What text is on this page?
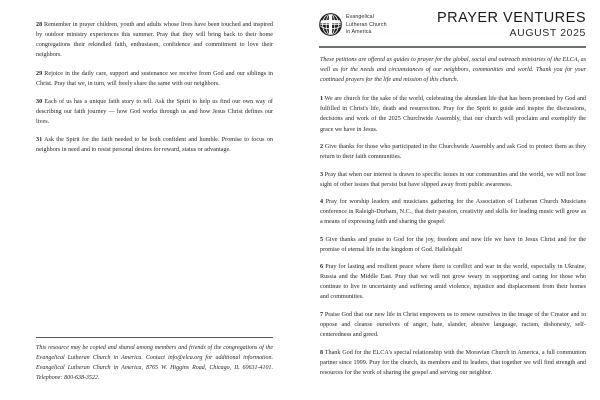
28 Remember in prayer children, youth and adults whose lives have been touched and inspired by outdoor ministry experiences this summer. Pray that they will bring back to their home congregations their rekindled faith, enthusiasm, confidence and commitment to love their neighbors.

29 Rejoice in the daily care, support and sustenance we receive from God and our siblings in Christ. Pray that we, in turn, will freely share the same with our neighbors.

30 Each of us has a unique faith story to tell. Ask the Spirit to help us find our own way of describing our faith journey — how God works through us and how Jesus Christ defines our lives.

31 Ask the Spirit for the faith needed to be both confident and humble. Promise to focus on neighbors in need and to resist personal desires for reward, status or advantage.

This resource may be copied and shared among members and friends of the congregations of the Evangelical Lutheran Church in America. Contact info@elca.org for additional information. Evangelical Lutheran Church in America, 8765 W. Higgins Road, Chicago, IL 60631-4101. Telephone: 800-638-3522.

Evangelical
Lutheran Church
in America
PRAYER VENTURES
AUGUST 2025

These petitions are offered as guides to prayer for the global, social and outreach ministries of the ELCA, as well as for the needs and circumstances of our neighbors, communities and world. Thank you for your continued prayers for the life and mission of this church.

1 We are church for the sake of the world, celebrating the abundant life that has been promised by God and fulfilled in Christ's life, death and resurrection. Pray for the Spirit to guide and inspire the discussions, decisions and work of the 2025 Churchwide Assembly, that our church will proclaim and exemplify the grace we have in Jesus.

2 Give thanks for those who participated in the Churchwide Assembly and ask God to protect them as they return to their faith communities.

3 Pray that when our interest is drawn to specific issues in our communities and the world, we will not lose sight of other issues that persist but have slipped away from public awareness.

4 Pray for worship leaders and musicians gathering for the Association of Lutheran Church Musicians conference in Raleigh-Durham, N.C., that their passion, creativity and skills for leading music will grow as a means of expressing faith and sharing the gospel.

5 Give thanks and praise to God for the joy, freedom and new life we have in Jesus Christ and for the promise of eternal life in the kingdom of God. Hallelujah!

6 Pray for lasting and resilient peace where there is conflict and war in the world, especially in Ukraine, Russia and the Middle East. Pray that we will not grow weary in supporting and caring for those who continue to live in uncertainty and suffering amid violence, injustice and displacement from their homes and communities.

7 Praise God that our new life in Christ empowers us to renew ourselves in the image of the Creator and to oppose and cleanse ourselves of anger, hate, slander, abusive language, racism, dishonesty, self-centeredness and greed.

8 Thank God for the ELCA's special relationship with the Moravian Church in America, a full communion partner since 1999. Pray for the church, its members and its leaders, that together we will find strength and resources for the work of sharing the gospel and serving our neighbor.
